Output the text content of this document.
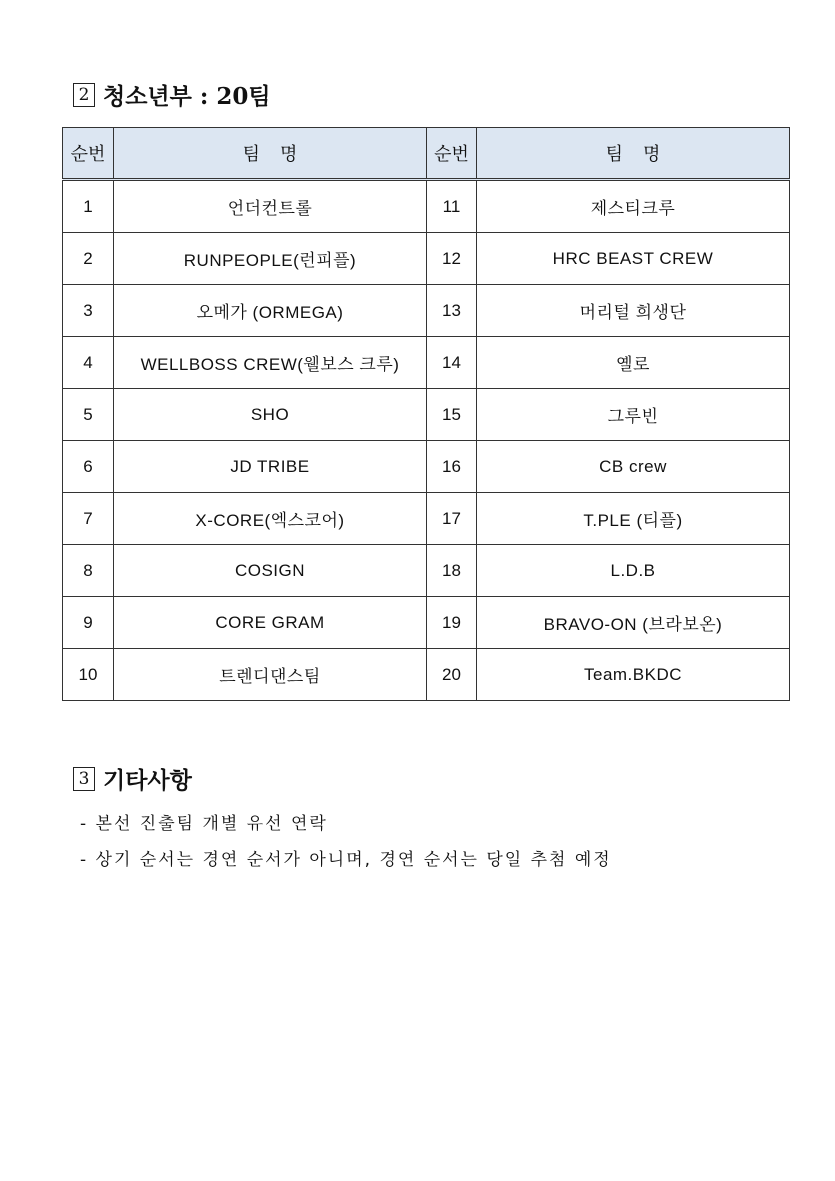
2 청소년부 : 20팀
순번	팀    명	순번	팀    명
1	언더컨트롤	11	제스티크루
2	RUNPEOPLE(런피플)	12	HRC BEAST CREW
3	오메가 (ORMEGA)	13	머리털 희생단
4	WELLBOSS CREW(웰보스 크루)	14	옐로
5	SHO	15	그루빈
6	JD TRIBE	16	CB crew
7	X-CORE(엑스코어)	17	T.PLE (티플)
8	COSIGN	18	L.D.B
9	CORE GRAM	19	BRAVO-ON (브라보온)
10	트렌디댄스팀	20	Team.BKDC
3 기타사항
- 본선 진출팀 개별 유선 연락
- 상기 순서는 경연 순서가 아니며, 경연 순서는 당일 추첨 예정
